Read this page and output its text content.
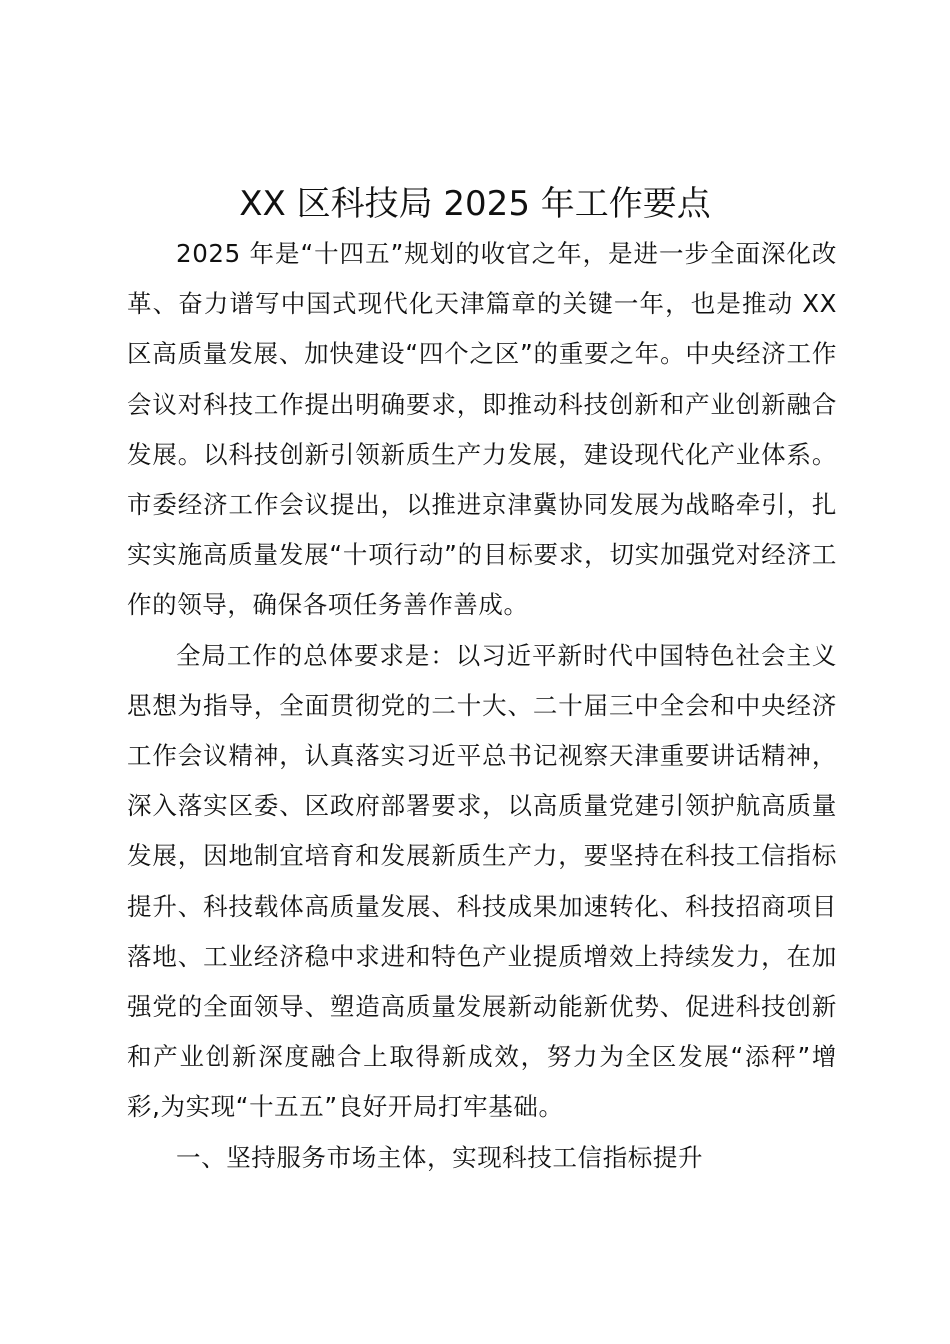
XX 区科技局 2025 年工作要点

2025 年是“十四五”规划的收官之年，是进一步全面深化改革、奋力谱写中国式现代化天津篇章的关键一年，也是推动 XX 区高质量发展、加快建设“四个之区”的重要之年。中央经济工作会议对科技工作提出明确要求，即推动科技创新和产业创新融合发展。以科技创新引领新质生产力发展，建设现代化产业体系。市委经济工作会议提出，以推进京津冀协同发展为战略牵引，扎实实施高质量发展“十项行动”的目标要求，切实加强党对经济工作的领导，确保各项任务善作善成。

全局工作的总体要求是：以习近平新时代中国特色社会主义思想为指导，全面贯彻党的二十大、二十届三中全会和中央经济工作会议精神，认真落实习近平总书记视察天津重要讲话精神，深入落实区委、区政府部署要求，以高质量党建引领护航高质量发展，因地制宜培育和发展新质生产力，要坚持在科技工信指标提升、科技载体高质量发展、科技成果加速转化、科技招商项目落地、工业经济稳中求进和特色产业提质增效上持续发力，在加强党的全面领导、塑造高质量发展新动能新优势、促进科技创新和产业创新深度融合上取得新成效，努力为全区发展“添秤”增彩,为实现“十五五”良好开局打牢基础。

一、坚持服务市场主体，实现科技工信指标提升
